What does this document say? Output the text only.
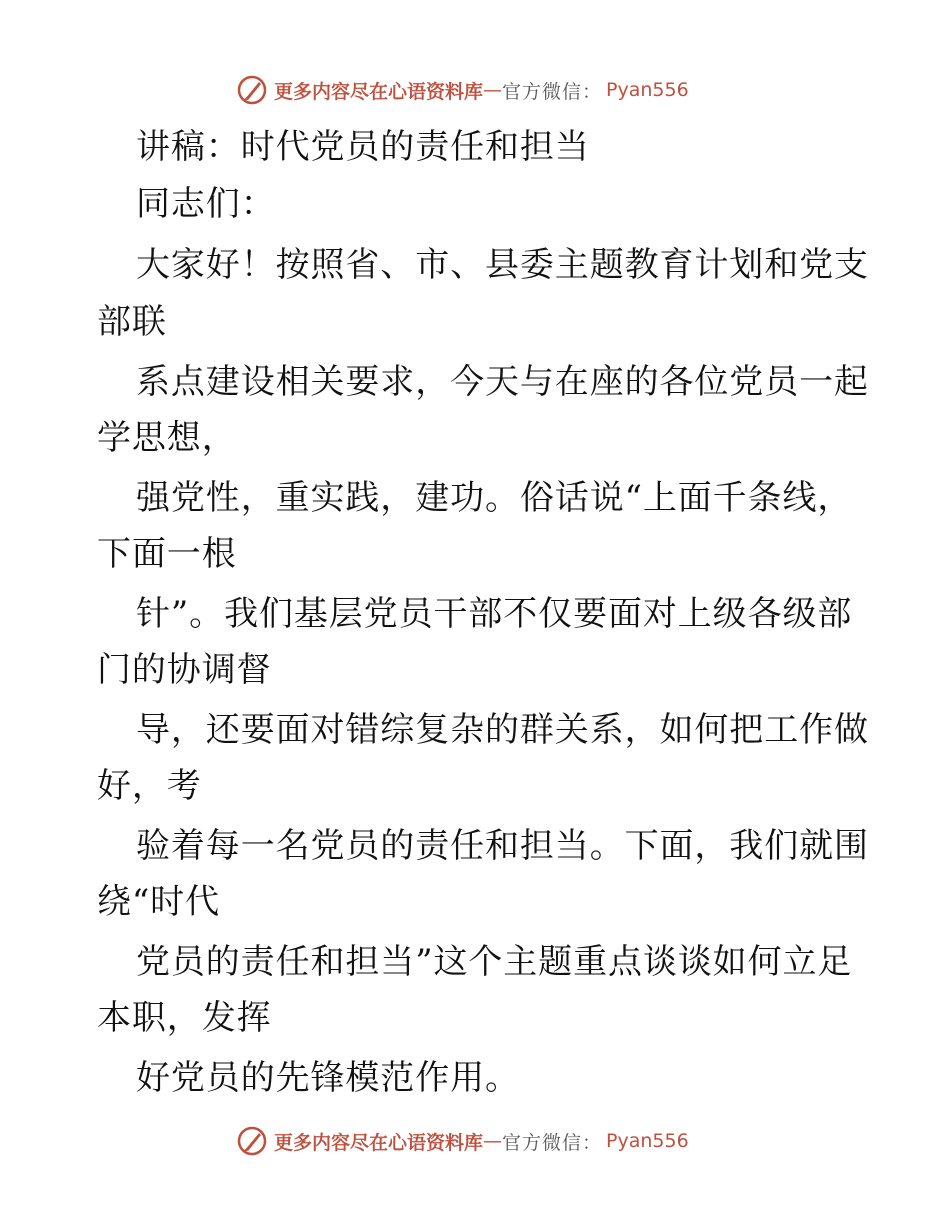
更多内容尽在心语资料库 — 官方微信： Pyan556
讲稿：时代党员的责任和担当
同志们：
大家好！按照省、市、县委主题教育计划和党支
部联
系点建设相关要求，今天与在座的各位党员一起
学思想，
强党性，重实践，建功。俗话说“上面千条线，
下面一根
针”。我们基层党员干部不仅要面对上级各级部
门的协调督
导，还要面对错综复杂的群关系，如何把工作做
好，考
验着每一名党员的责任和担当。下面，我们就围
绕“时代
党员的责任和担当”这个主题重点谈谈如何立足
本职，发挥
好党员的先锋模范作用。
更多内容尽在心语资料库 — 官方微信： Pyan556
